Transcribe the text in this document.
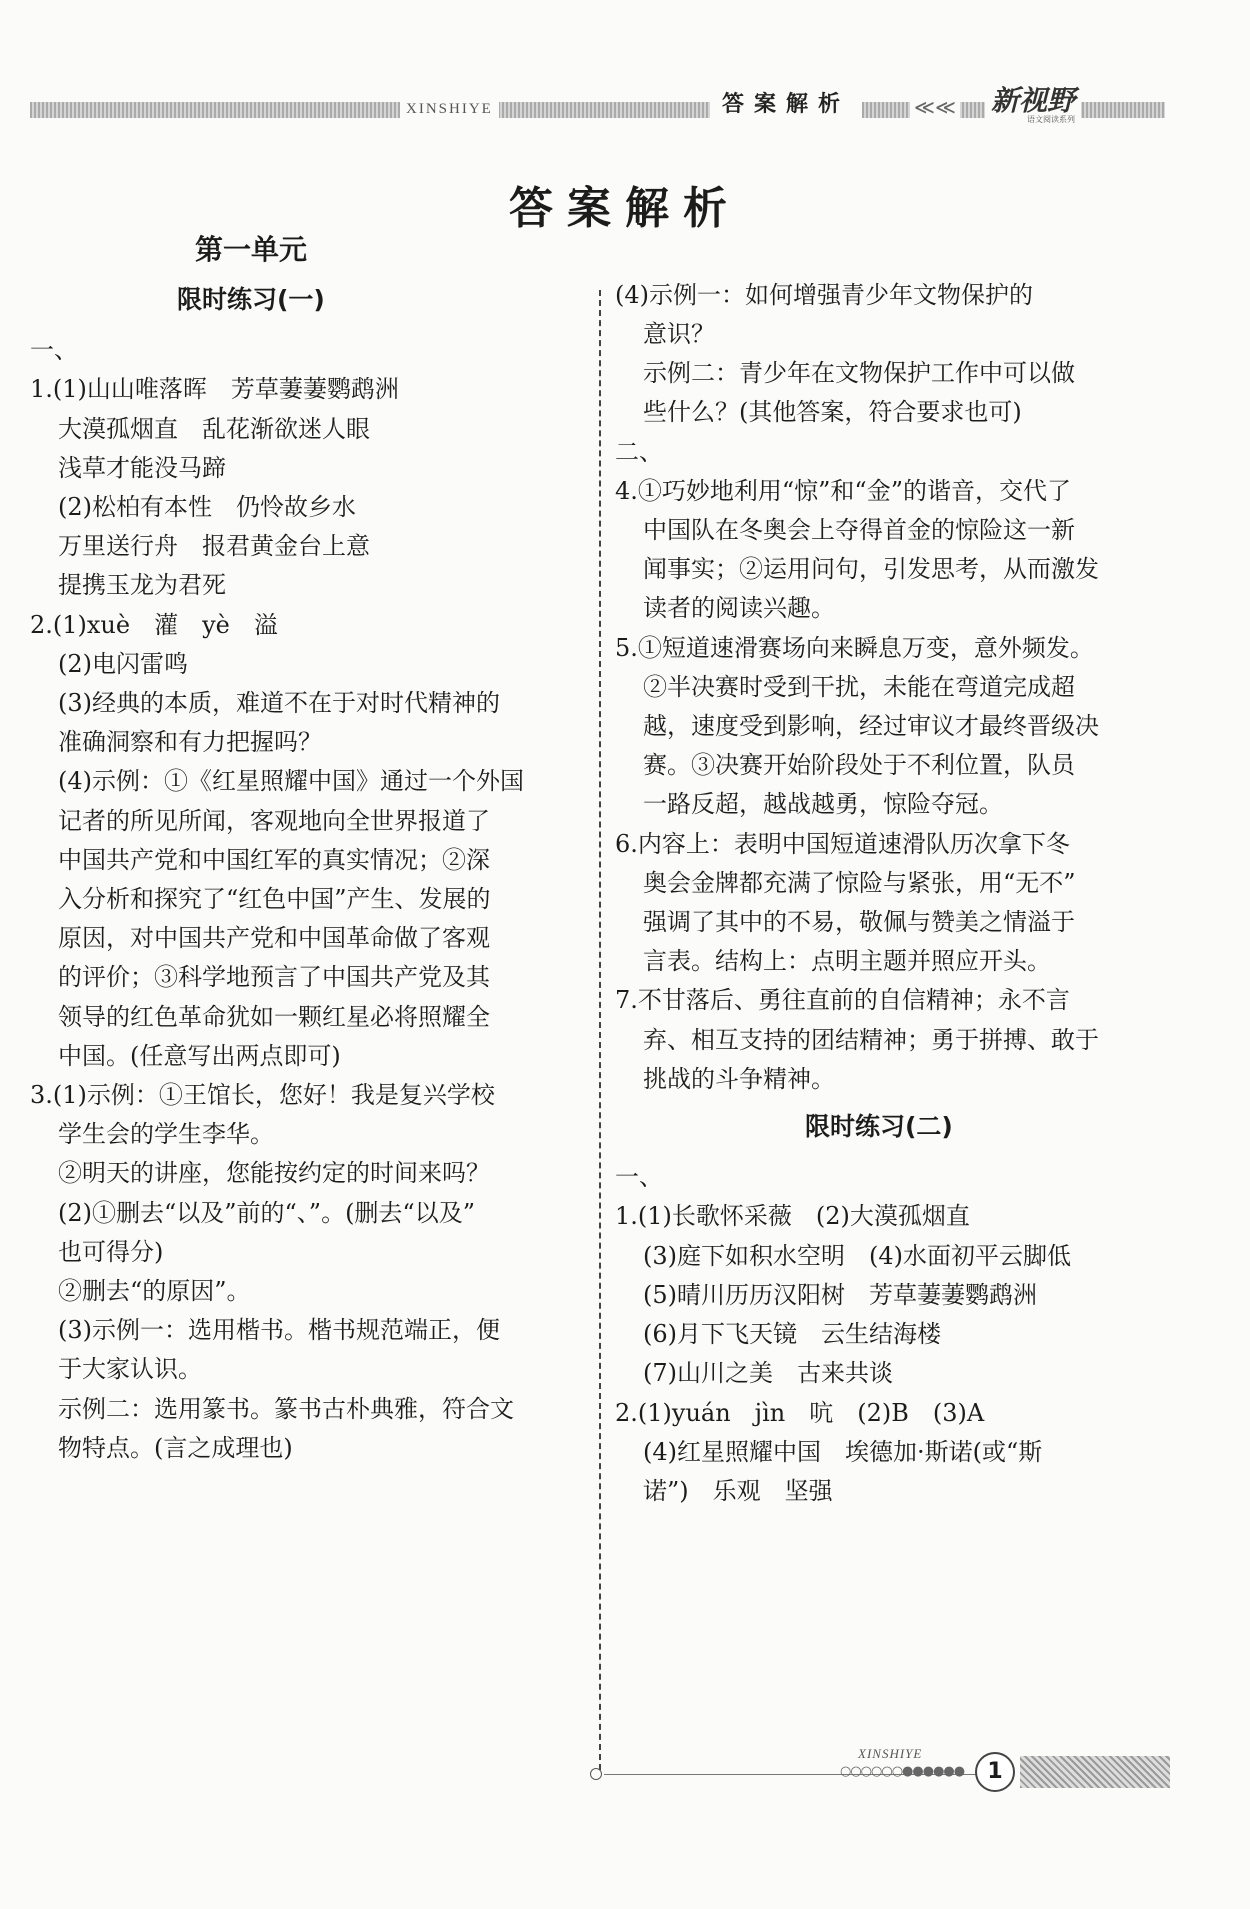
XINSHIYE	答案解析	≪≪ 新视野
语文阅读系列
答案解析
第一单元
限时练习(一)
一、
1.(1)山山唯落晖　芳草萋萋鹦鹉洲
大漠孤烟直　乱花渐欲迷人眼
浅草才能没马蹄
(2)松柏有本性　仍怜故乡水
万里送行舟　报君黄金台上意
提携玉龙为君死
2.(1)xuè　灌　yè　溢
(2)电闪雷鸣
(3)经典的本质，难道不在于对时代精神的
准确洞察和有力把握吗？
(4)示例：①《红星照耀中国》通过一个外国
记者的所见所闻，客观地向全世界报道了
中国共产党和中国红军的真实情况；②深
入分析和探究了“红色中国”产生、发展的
原因，对中国共产党和中国革命做了客观
的评价；③科学地预言了中国共产党及其
领导的红色革命犹如一颗红星必将照耀全
中国。(任意写出两点即可)
3.(1)示例：①王馆长，您好！我是复兴学校
学生会的学生李华。
②明天的讲座，您能按约定的时间来吗？
(2)①删去“以及”前的“、”。(删去“以及”
也可得分)
②删去“的原因”。
(3)示例一：选用楷书。楷书规范端正，便
于大家认识。
示例二：选用篆书。篆书古朴典雅，符合文
物特点。(言之成理也)
(4)示例一：如何增强青少年文物保护的
意识？
示例二：青少年在文物保护工作中可以做
些什么？(其他答案，符合要求也可)
二、
4.①巧妙地利用“惊”和“金”的谐音，交代了
中国队在冬奥会上夺得首金的惊险这一新
闻事实；②运用问句，引发思考，从而激发
读者的阅读兴趣。
5.①短道速滑赛场向来瞬息万变，意外频发。
②半决赛时受到干扰，未能在弯道完成超
越，速度受到影响，经过审议才最终晋级决
赛。③决赛开始阶段处于不利位置，队员
一路反超，越战越勇，惊险夺冠。
6.内容上：表明中国短道速滑队历次拿下冬
奥会金牌都充满了惊险与紧张，用“无不”
强调了其中的不易，敬佩与赞美之情溢于
言表。结构上：点明主题并照应开头。
7.不甘落后、勇往直前的自信精神；永不言
弃、相互支持的团结精神；勇于拼搏、敢于
挑战的斗争精神。
限时练习(二)
一、
1.(1)长歌怀采薇　(2)大漠孤烟直
(3)庭下如积水空明　(4)水面初平云脚低
(5)晴川历历汉阳树　芳草萋萋鹦鹉洲
(6)月下飞天镜　云生结海楼
(7)山川之美　古来共谈
2.(1)yuán　jìn　吭　(2)B　(3)A
(4)红星照耀中国　埃德加·斯诺(或“斯
诺”)　乐观　坚强
○○○○○○●●●●●●
XINSHIYE
1
